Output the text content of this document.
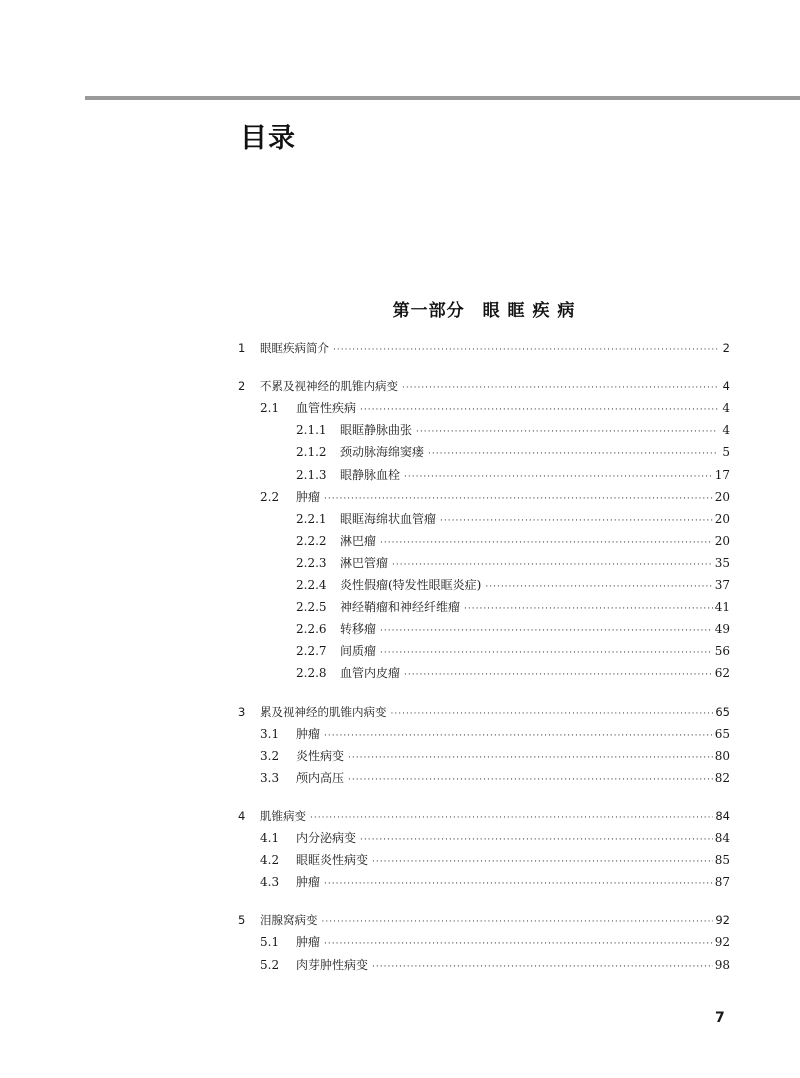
目录
第一部分　眼 眶 疾 病
1	眼眶疾病简介 ·····	2
2	不累及视神经的肌锥内病变 ·····	4
2.1	血管性疾病 ·····	4
2.1.1	眼眶静脉曲张 ·····	4
2.1.2	颈动脉海绵窦瘘 ·····	5
2.1.3	眼静脉血栓 ·····	17
2.2	肿瘤 ·····	20
2.2.1	眼眶海绵状血管瘤 ·····	20
2.2.2	淋巴瘤 ·····	20
2.2.3	淋巴管瘤 ·····	35
2.2.4	炎性假瘤(特发性眼眶炎症) ·····	37
2.2.5	神经鞘瘤和神经纤维瘤 ·····	41
2.2.6	转移瘤 ·····	49
2.2.7	间质瘤 ·····	56
2.2.8	血管内皮瘤 ·····	62
3	累及视神经的肌锥内病变 ·····	65
3.1	肿瘤 ·····	65
3.2	炎性病变 ·····	80
3.3	颅内高压 ·····	82
4	肌锥病变 ·····	84
4.1	内分泌病变 ·····	84
4.2	眼眶炎性病变 ·····	85
4.3	肿瘤 ·····	87
5	泪腺窝病变 ·····	92
5.1	肿瘤 ·····	92
5.2	肉芽肿性病变 ·····	98
7
